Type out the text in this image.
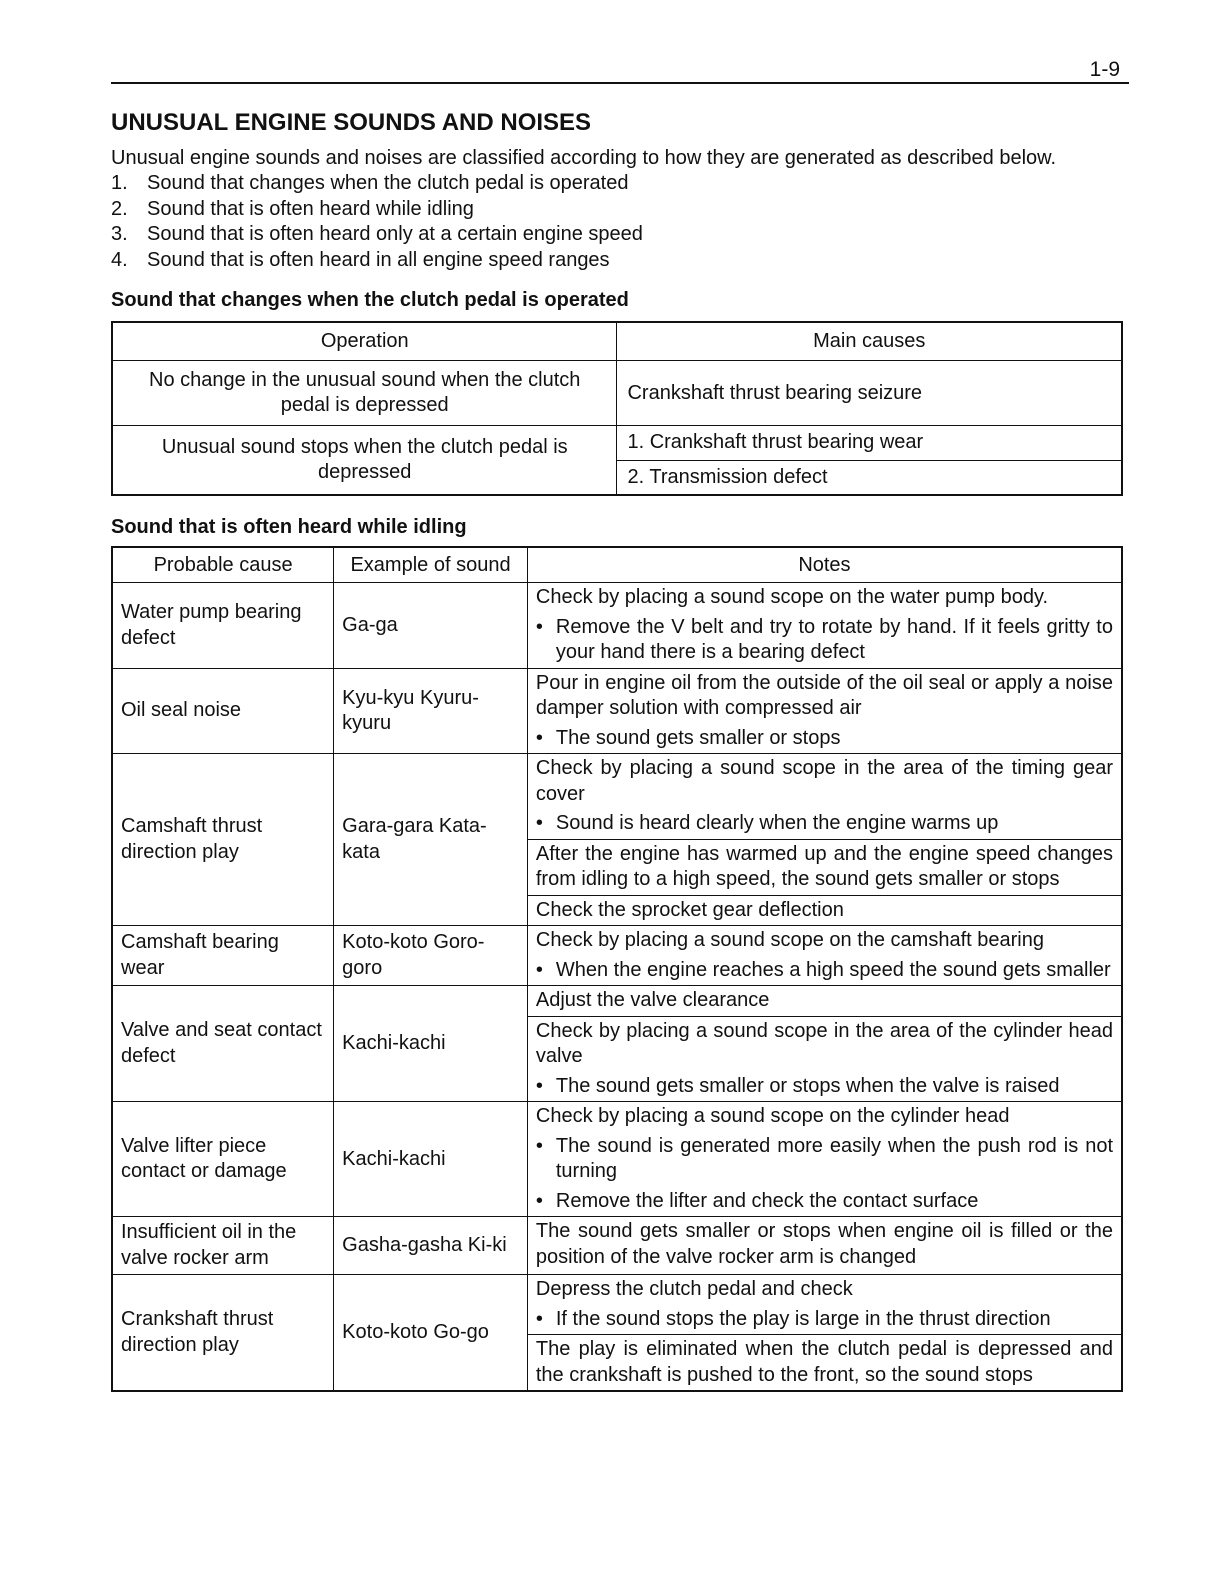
1-9
UNUSUAL ENGINE SOUNDS AND NOISES

Unusual engine sounds and noises are classified according to how they are generated as described below.

1. Sound that changes when the clutch pedal is operated
2. Sound that is often heard while idling
3. Sound that is often heard only at a certain engine speed
4. Sound that is often heard in all engine speed ranges
Sound that changes when the clutch pedal is operated
Operation	Main causes
No change in the unusual sound when the clutch pedal is depressed	Crankshaft thrust bearing seizure
Unusual sound stops when the clutch pedal is depressed	1. Crankshaft thrust bearing wear
	2. Transmission defect
Sound that is often heard while idling
Probable cause	Example of sound	Notes
Water pump bearing defect	Ga-ga	Check by placing a sound scope on the water pump body.
• Remove the V belt and try to rotate by hand. If it feels gritty to your hand there is a bearing defect

Oil seal noise	Kyu-kyu Kyuru-kyuru	Pour in engine oil from the outside of the oil seal or apply a noise damper solution with compressed air
• The sound gets smaller or stops

Camshaft thrust direction play	Gara-gara Kata-kata	Check by placing a sound scope in the area of the timing gear cover
• Sound is heard clearly when the engine warms up
After the engine has warmed up and the engine speed changes from idling to a high speed, the sound gets smaller or stops
Check the sprocket gear deflection

Camshaft bearing wear	Koto-koto Goro-goro	Check by placing a sound scope on the camshaft bearing
• When the engine reaches a high speed the sound gets smaller

Valve and seat contact defect	Kachi-kachi	Adjust the valve clearance
Check by placing a sound scope in the area of the cylinder head valve
• The sound gets smaller or stops when the valve is raised

Valve lifter piece contact or damage	Kachi-kachi	Check by placing a sound scope on the cylinder head
• The sound is generated more easily when the push rod is not turning
• Remove the lifter and check the contact surface

Insufficient oil in the valve rocker arm	Gasha-gasha Ki-ki	The sound gets smaller or stops when engine oil is filled or the position of the valve rocker arm is changed

Crankshaft thrust direction play	Koto-koto Go-go	Depress the clutch pedal and check
• If the sound stops the play is large in the thrust direction
The play is eliminated when the clutch pedal is depressed and the crankshaft is pushed to the front, so the sound stops
